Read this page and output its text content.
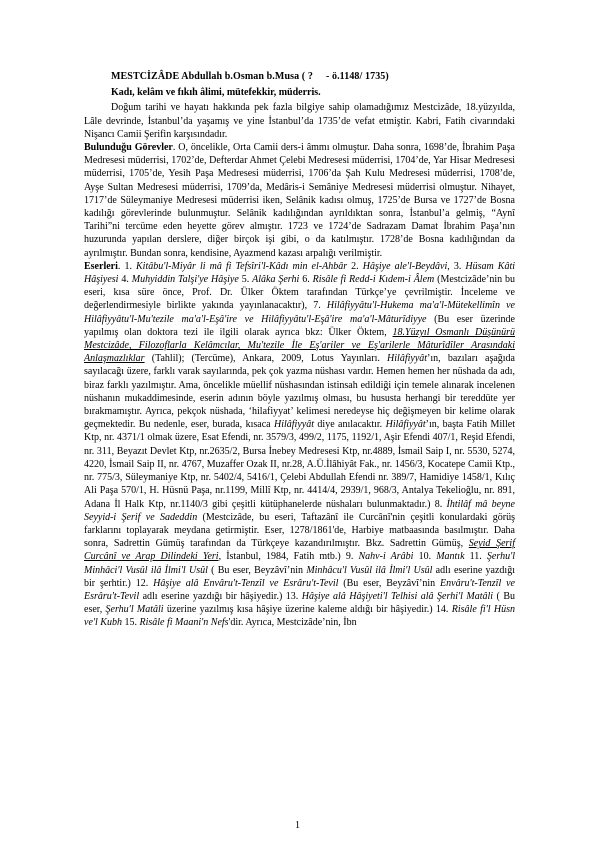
MESTCİZÂDE Abdullah b.Osman b.Musa ( ?     - ö.1148/ 1735)
Kadı, kelâm ve fıkıh âlimi, mütefekkir, müderris.
Doğum tarihi ve hayatı hakkında pek fazla bilgiye sahip olamadığımız Mestcizâde, 18.yüzyılda, Lâle devrinde, İstanbul’da yaşamış ve yine İstanbul’da 1735’de vefat etmiştir. Kabri, Fatih civarındaki Nişancı Camii Şerifin karşısındadır.
Bulunduğu Görevler. O, öncelikle, Orta Camii ders-i âmmı olmuştur. Daha sonra, 1698’de, İbrahim Paşa Medresesi müderrisi, 1702’de, Defterdar Ahmet Çelebi Medresesi müderrisi, 1704’de, Yar Hisar Medresesi müderrisi, 1705’de, Yesih Paşa Medresesi müderrisi, 1706’da Şah Kulu Medresesi müderrisi, 1708’de, Ayşe Sultan Medresesi müderrisi, 1709’da, Medâris-i Semâniye Medresesi müderrisi olmuştur. Nihayet, 1717’de Süleymaniye Medresesi müderrisi iken, Selânik kadısı olmuş, 1725’de Bursa ve 1727’de Bosna kadılığı görevlerinde bulunmuştur. Selânik kadılığından ayrıldıktan sonra, İstanbul’a gelmiş, “Aynî Tarihi”ni tercüme eden heyette görev almıştır. 1723 ve 1724’de Sadrazam Damat İbrahim Paşa’nın huzurunda yapılan derslere, diğer birçok işi gibi, o da katılmıştır. 1728’de Bosna kadılığından da ayrılmıştır. Bundan sonra, kendisine, Ayazmend kazası arpalığı verilmiştir.
Eserleri. 1. Kitâbu'l-Miyâr li mâ fi Tefsîri'l-Kâdı min el-Ahbâr 2. Hâşiye ale'l-Beydâvi, 3. Hüsam Kâti Hâşiyesi 4. Muhyiddin Talşi'ye Hâşiye 5. Alâka Şerhi 6. Risâle fi Redd-i Kıdem-i Âlem (Mestcizâde’nin bu eseri, kısa süre önce, Prof. Dr. Ülker Öktem tarafından Türkçe’ye çevrilmiştir. İnceleme ve değerlendirmesiyle birlikte yakında yayınlanacaktır), 7. Hilâfiyyâtu'l-Hukema ma'a'l-Mütekellimîn ve Hilâfiyyâtu'l-Mu'tezile ma'a'l-Eşâ'ire ve Hilâfiyyâtu'l-Eşâ'ire ma'a'l-Mâturîdiyye (Bu eser üzerinde yapılmış olan doktora tezi ile ilgili olarak ayrıca bkz: Ülker Öktem, 18.Yüzyıl Osmanlı Düşünürü Mestcizâde, Filozoflarla Kelâmcılar, Mu'tezile İle Eş'ariler ve Eş'arilerle Mâturîdîler Arasındaki Anlaşmazlıklar (Tahlil); (Tercüme), Ankara, 2009, Lotus Yayınları. Hilâfiyyât’ın, bazıları aşağıda sayılacağı üzere, farklı varak sayılarında, pek çok yazma nüshası vardır. Hemen hemen her nüshada da adı, biraz farklı yazılmıştır. Ama, öncelikle müellif nüshasından istinsah edildiği için temele alınarak incelenen nüshanın mukaddimesinde, eserin adının böyle yazılmış olması, bu hususta herhangi bir tereddüte yer bırakmamıştır. Ayrıca, pekçok nüshada, ‘hilafiyyat’ kelimesi neredeyse hiç değişmeyen bir kelime olarak geçmektedir. Bu nedenle, eser, burada, kısaca Hilâfiyyât diye anılacaktır. Hilâfiyyât’ın, başta Fatih Millet Ktp, nr. 4371/1 olmak üzere, Esat Efendi, nr. 3579/3, 499/2, 1175, 1192/1, Aşir Efendi 407/1, Reşid Efendi, nr. 311, Beyazıt Devlet Ktp, nr.2635/2, Bursa İnebey Medresesi Ktp, nr.4889, İsmail Saip I, nr. 5530, 5274, 4220, İsmail Saip II, nr. 4767, Muzaffer Ozak II, nr.28, A.Ü.İlâhiyât Fak., nr. 1456/3, Kocatepe Camii Ktp., nr. 775/3, Süleymaniye Ktp, nr. 5402/4, 5416/1, Çelebi Abdullah Efendi nr. 389/7, Hamidiye 1458/1, Kılıç Ali Paşa 570/1, H. Hüsnü Paşa, nr.1199, Millî Ktp, nr. 4414/4, 2939/1, 968/3, Antalya Tekelioğlu, nr. 891, Adana İl Halk Ktp, nr.1140/3 gibi çeşitli kütüphanelerde nüshaları bulunmaktadır.) 8. İhtilâf mâ beyne Seyyid-i Şerif ve Sadeddin (Mestcizâde, bu eseri, Taftazânî ile Curcânî'nin çeşitli konulardaki görüş farklarını toplayarak meydana getirmiştir. Eser, 1278/1861'de, Harbiye matbaasında basılmıştır. Daha sonra, Sadrettin Gümüş tarafından da Türkçeye kazandırılmıştır. Bkz. Sadrettin Gümüş, Seyid Şerif Curcânî ve Arap Dilindeki Yeri, İstanbul, 1984, Fatih mtb.) 9. Nahv-i Arâbi 10. Mantık 11. Şerhu'l Minhâci'l Vusûl ilâ İlmi'l Usûl ( Bu eser, Beyzâvî’nin Minhâcu'l Vusûl ilâ İlmi'l Usûl adlı eserine yazdığı bir şerhtir.) 12. Hâşiye alâ Envâru't-Tenzîl ve Esrâru't-Tevil (Bu eser, Beyzâvî’nin Envâru't-Tenzîl ve Esrâru't-Tevil adlı eserine yazdığı bir hâşiyedir.) 13. Hâşiye alâ Hâşiyeti'l Telhisi alâ Şerhi'l Matâli ( Bu eser, Şerhu'l Matâli üzerine yazılmış kısa hâşiye üzerine kaleme aldığı bir hâşiyedir.) 14. Risâle fi'l Hüsn ve'l Kubh 15. Risâle fi Maani'n Nefs'dir. Ayrıca, Mestcizâde’nin, İbn
1
